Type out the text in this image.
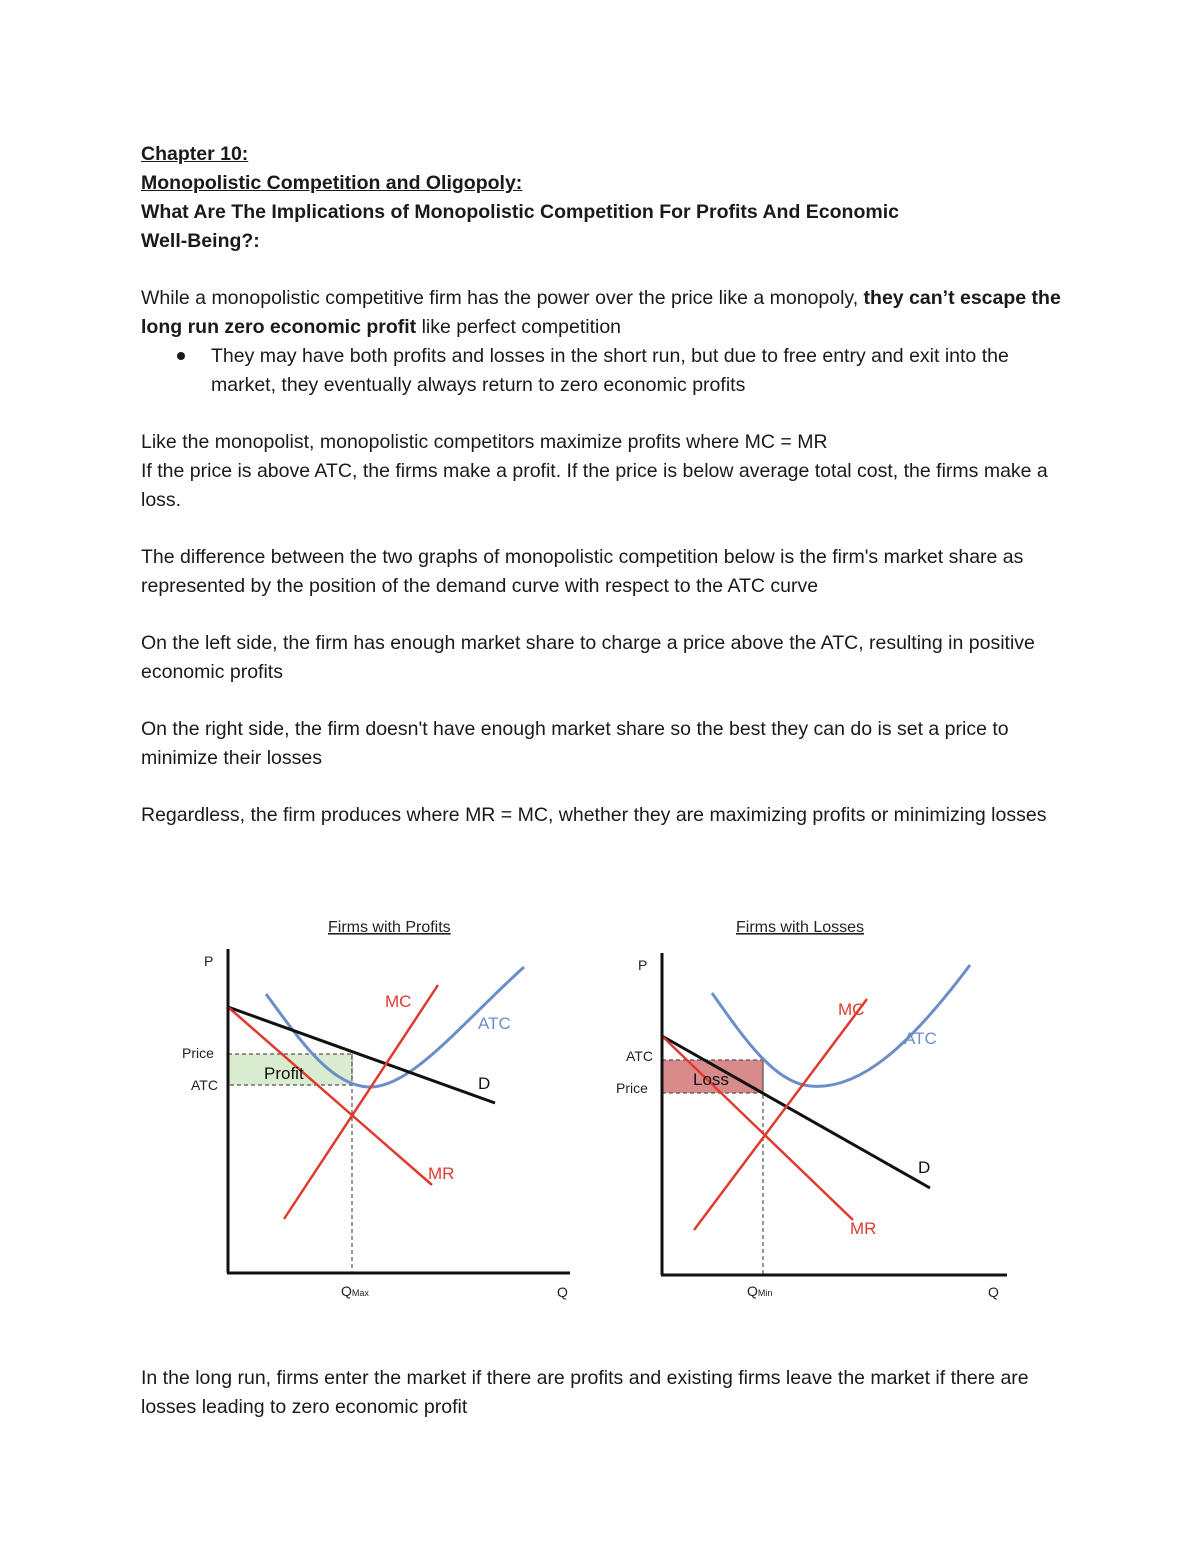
Chapter 10:

Monopolistic Competition and Oligopoly:

What Are The Implications of Monopolistic Competition For Profits And Economic

Well-Being?:

While a monopolistic competitive firm has the power over the price like a monopoly, they can’t escape the long run zero economic profit like perfect competition

They may have both profits and losses in the short run, but due to free entry and exit into the market, they eventually always return to zero economic profits

Like the monopolist, monopolistic competitors maximize profits where MC = MR

If the price is above ATC, the firms make a profit. If the price is below average total cost, the firms make a loss.

The difference between the two graphs of monopolistic competition below is the firm's market share as represented by the position of the demand curve with respect to the ATC curve

On the left side, the firm has enough market share to charge a price above the ATC, resulting in positive economic profits

On the right side, the firm doesn't have enough market share so the best they can do is set a price to minimize their losses

Regardless, the firm produces where MR = MC, whether they are maximizing profits or minimizing losses

Firms with Profits
P
Price
ATC
MC
ATC
D
MR
Profit
QMax	Q
Firms with Losses
P
ATC
Price
MC
ATC
D
MR
Loss
QMin	Q

In the long run, firms enter the market if there are profits and existing firms leave the market if there are losses leading to zero economic profit
